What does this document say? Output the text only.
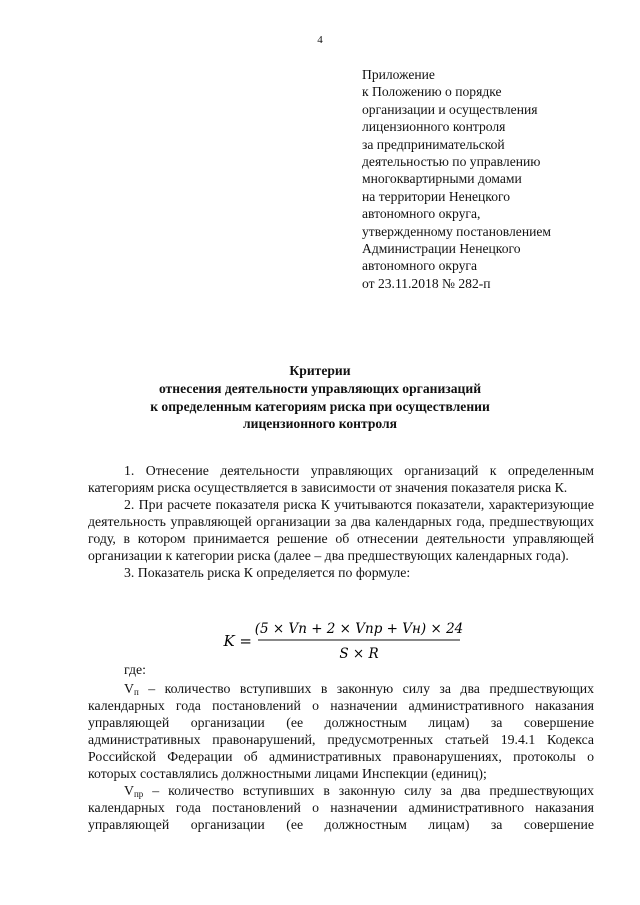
4
Приложение
к Положению о порядке
организации и осуществления
лицензионного контроля
за предпринимательской
деятельностью по управлению
многоквартирными домами
на территории Ненецкого
автономного округа,
утвержденному постановлением
Администрации Ненецкого
автономного округа
от 23.11.2018 № 282-п
Критерии
отнесения деятельности управляющих организаций
к определенным категориям риска при осуществлении
лицензионного контроля

1. Отнесение деятельности управляющих организаций к определенным категориям риска осуществляется в зависимости от значения показателя риска К.

2. При расчете показателя риска К учитываются показатели, характеризующие деятельность управляющей организации за два календарных года, предшествующих году, в котором принимается решение об отнесении деятельности управляющей организации к категории риска (далее – два предшествующих календарных года).

3. Показатель риска К определяется по формуле:

K =
(5 × Vп + 2 × Vпр + Vн) × 24
S × R
где:

$V_п$ – количество вступивших в законную силу за два предшествующих календарных года постановлений о назначении административного наказания управляющей организации (ее должностным лицам) за совершение административных правонарушений, предусмотренных статьей 19.4.1 Кодекса Российской Федерации об административных правонарушениях, протоколы о которых составлялись должностными лицами Инспекции (единиц);

$V_{пр}$ – количество вступивших в законную силу за два предшествующих календарных года постановлений о назначении административного наказания управляющей организации (ее должностным лицам) за совершение
